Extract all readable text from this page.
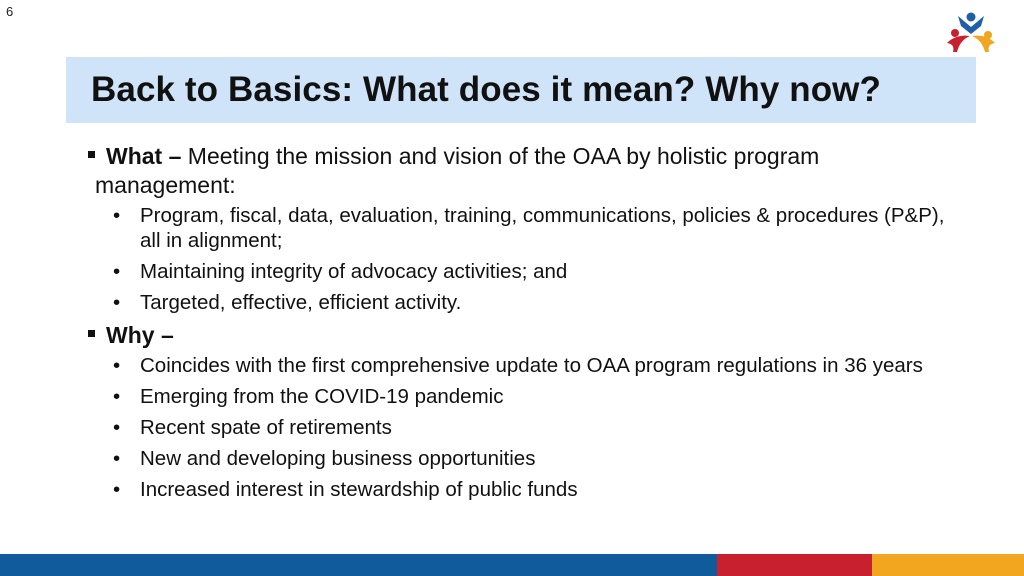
6
Back to Basics: What does it mean? Why now?
What – Meeting the mission and vision of the OAA by holistic program
management:
• Program, fiscal, data, evaluation, training, communications, policies & procedures (P&P), all in alignment;
• Maintaining integrity of advocacy activities; and
• Targeted, effective, efficient activity.
Why –
• Coincides with the first comprehensive update to OAA program regulations in 36 years
• Emerging from the COVID-19 pandemic
• Recent spate of retirements
• New and developing business opportunities
• Increased interest in stewardship of public funds
